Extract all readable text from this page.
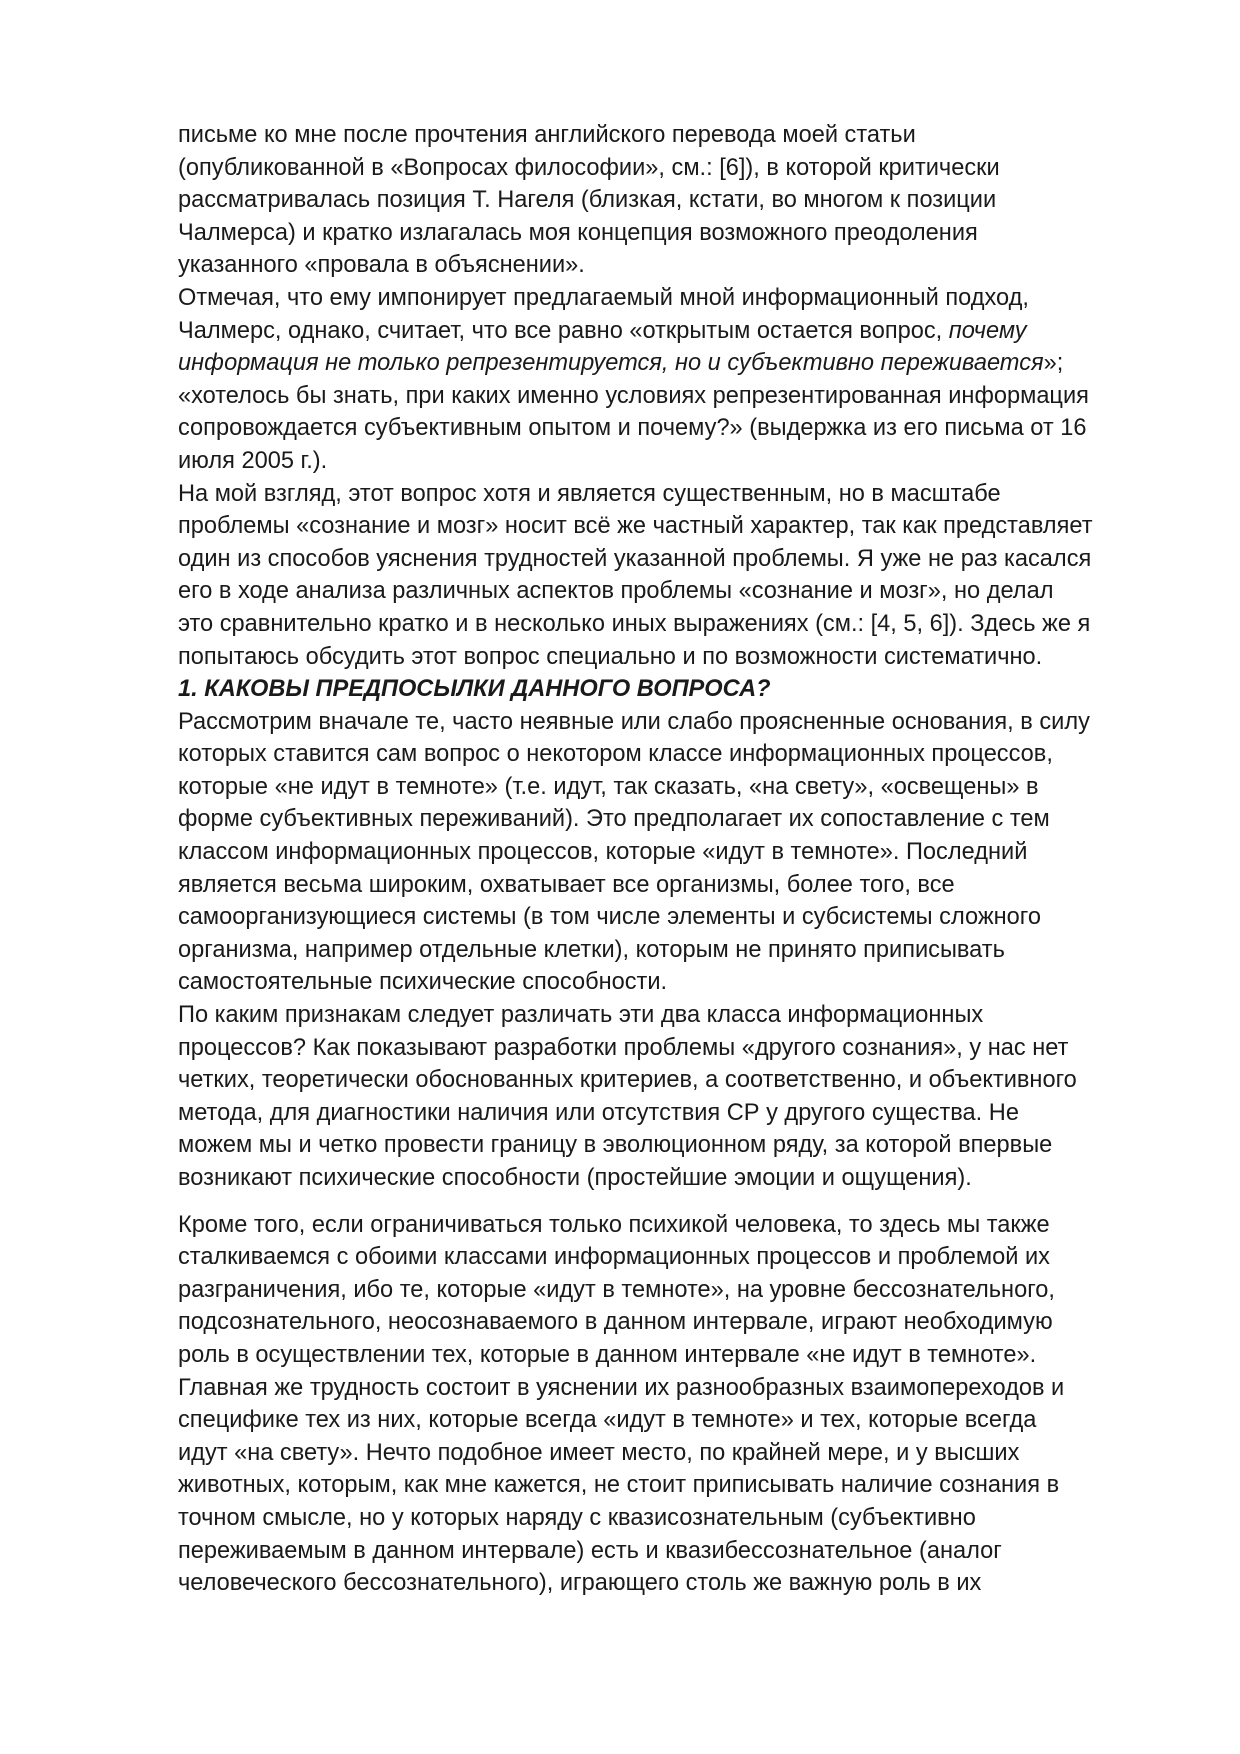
письме ко мне после прочтения английского перевода моей статьи
(опубликованной в «Вопросах философии», см.: [6]), в которой критически
рассматривалась позиция Т. Нагеля (близкая, кстати, во многом к позиции
Чалмерса) и кратко излагалась моя концепция возможного преодоления
указанного «провала в объяснении».
Отмечая, что ему импонирует предлагаемый мной информационный подход,
Чалмерс, однако, считает, что все равно «открытым остается вопрос, почему
информация не только репрезентируется, но и субъективно переживается»;
«хотелось бы знать, при каких именно условиях репрезентированная информация
сопровождается субъективным опытом и почему?» (выдержка из его письма от 16
июля 2005 г.).
На мой взгляд, этот вопрос хотя и является существенным, но в масштабе
проблемы «сознание и мозг» носит всё же частный характер, так как представляет
один из способов уяснения трудностей указанной проблемы. Я уже не раз касался
его в ходе анализа различных аспектов проблемы «сознание и мозг», но делал
это сравнительно кратко и в несколько иных выражениях (см.: [4, 5, 6]). Здесь же я
попытаюсь обсудить этот вопрос специально и по возможности систематично.
1. КАКОВЫ ПРЕДПОСЫЛКИ ДАННОГО ВОПРОСА?
Рассмотрим вначале те, часто неявные или слабо проясненные основания, в силу
которых ставится сам вопрос о некотором классе информационных процессов,
которые «не идут в темноте» (т.е. идут, так сказать, «на свету», «освещены» в
форме субъективных переживаний). Это предполагает их сопоставление с тем
классом информационных процессов, которые «идут в темноте». Последний
является весьма широким, охватывает все организмы, более того, все
самоорганизующиеся системы (в том числе элементы и субсистемы сложного
организма, например отдельные клетки), которым не принято приписывать
самостоятельные психические способности.
По каким признакам следует различать эти два класса информационных
процессов? Как показывают разработки проблемы «другого сознания», у нас нет
четких, теоретически обоснованных критериев, а соответственно, и объективного
метода, для диагностики наличия или отсутствия СР у другого существа. Не
можем мы и четко провести границу в эволюционном ряду, за которой впервые
возникают психические способности (простейшие эмоции и ощущения).
Кроме того, если ограничиваться только психикой человека, то здесь мы также
сталкиваемся с обоими классами информационных процессов и проблемой их
разграничения, ибо те, которые «идут в темноте», на уровне бессознательного,
подсознательного, неосознаваемого в данном интервале, играют необходимую
роль в осуществлении тех, которые в данном интервале «не идут в темноте».
Главная же трудность состоит в уяснении их разнообразных взаимопереходов и
специфике тех из них, которые всегда «идут в темноте» и тех, которые всегда
идут «на свету». Нечто подобное имеет место, по крайней мере, и у высших
животных, которым, как мне кажется, не стоит приписывать наличие сознания в
точном смысле, но у которых наряду с квазисознательным (субъективно
переживаемым в данном интервале) есть и квазибессознательное (аналог
человеческого бессознательного), играющего столь же важную роль в их
